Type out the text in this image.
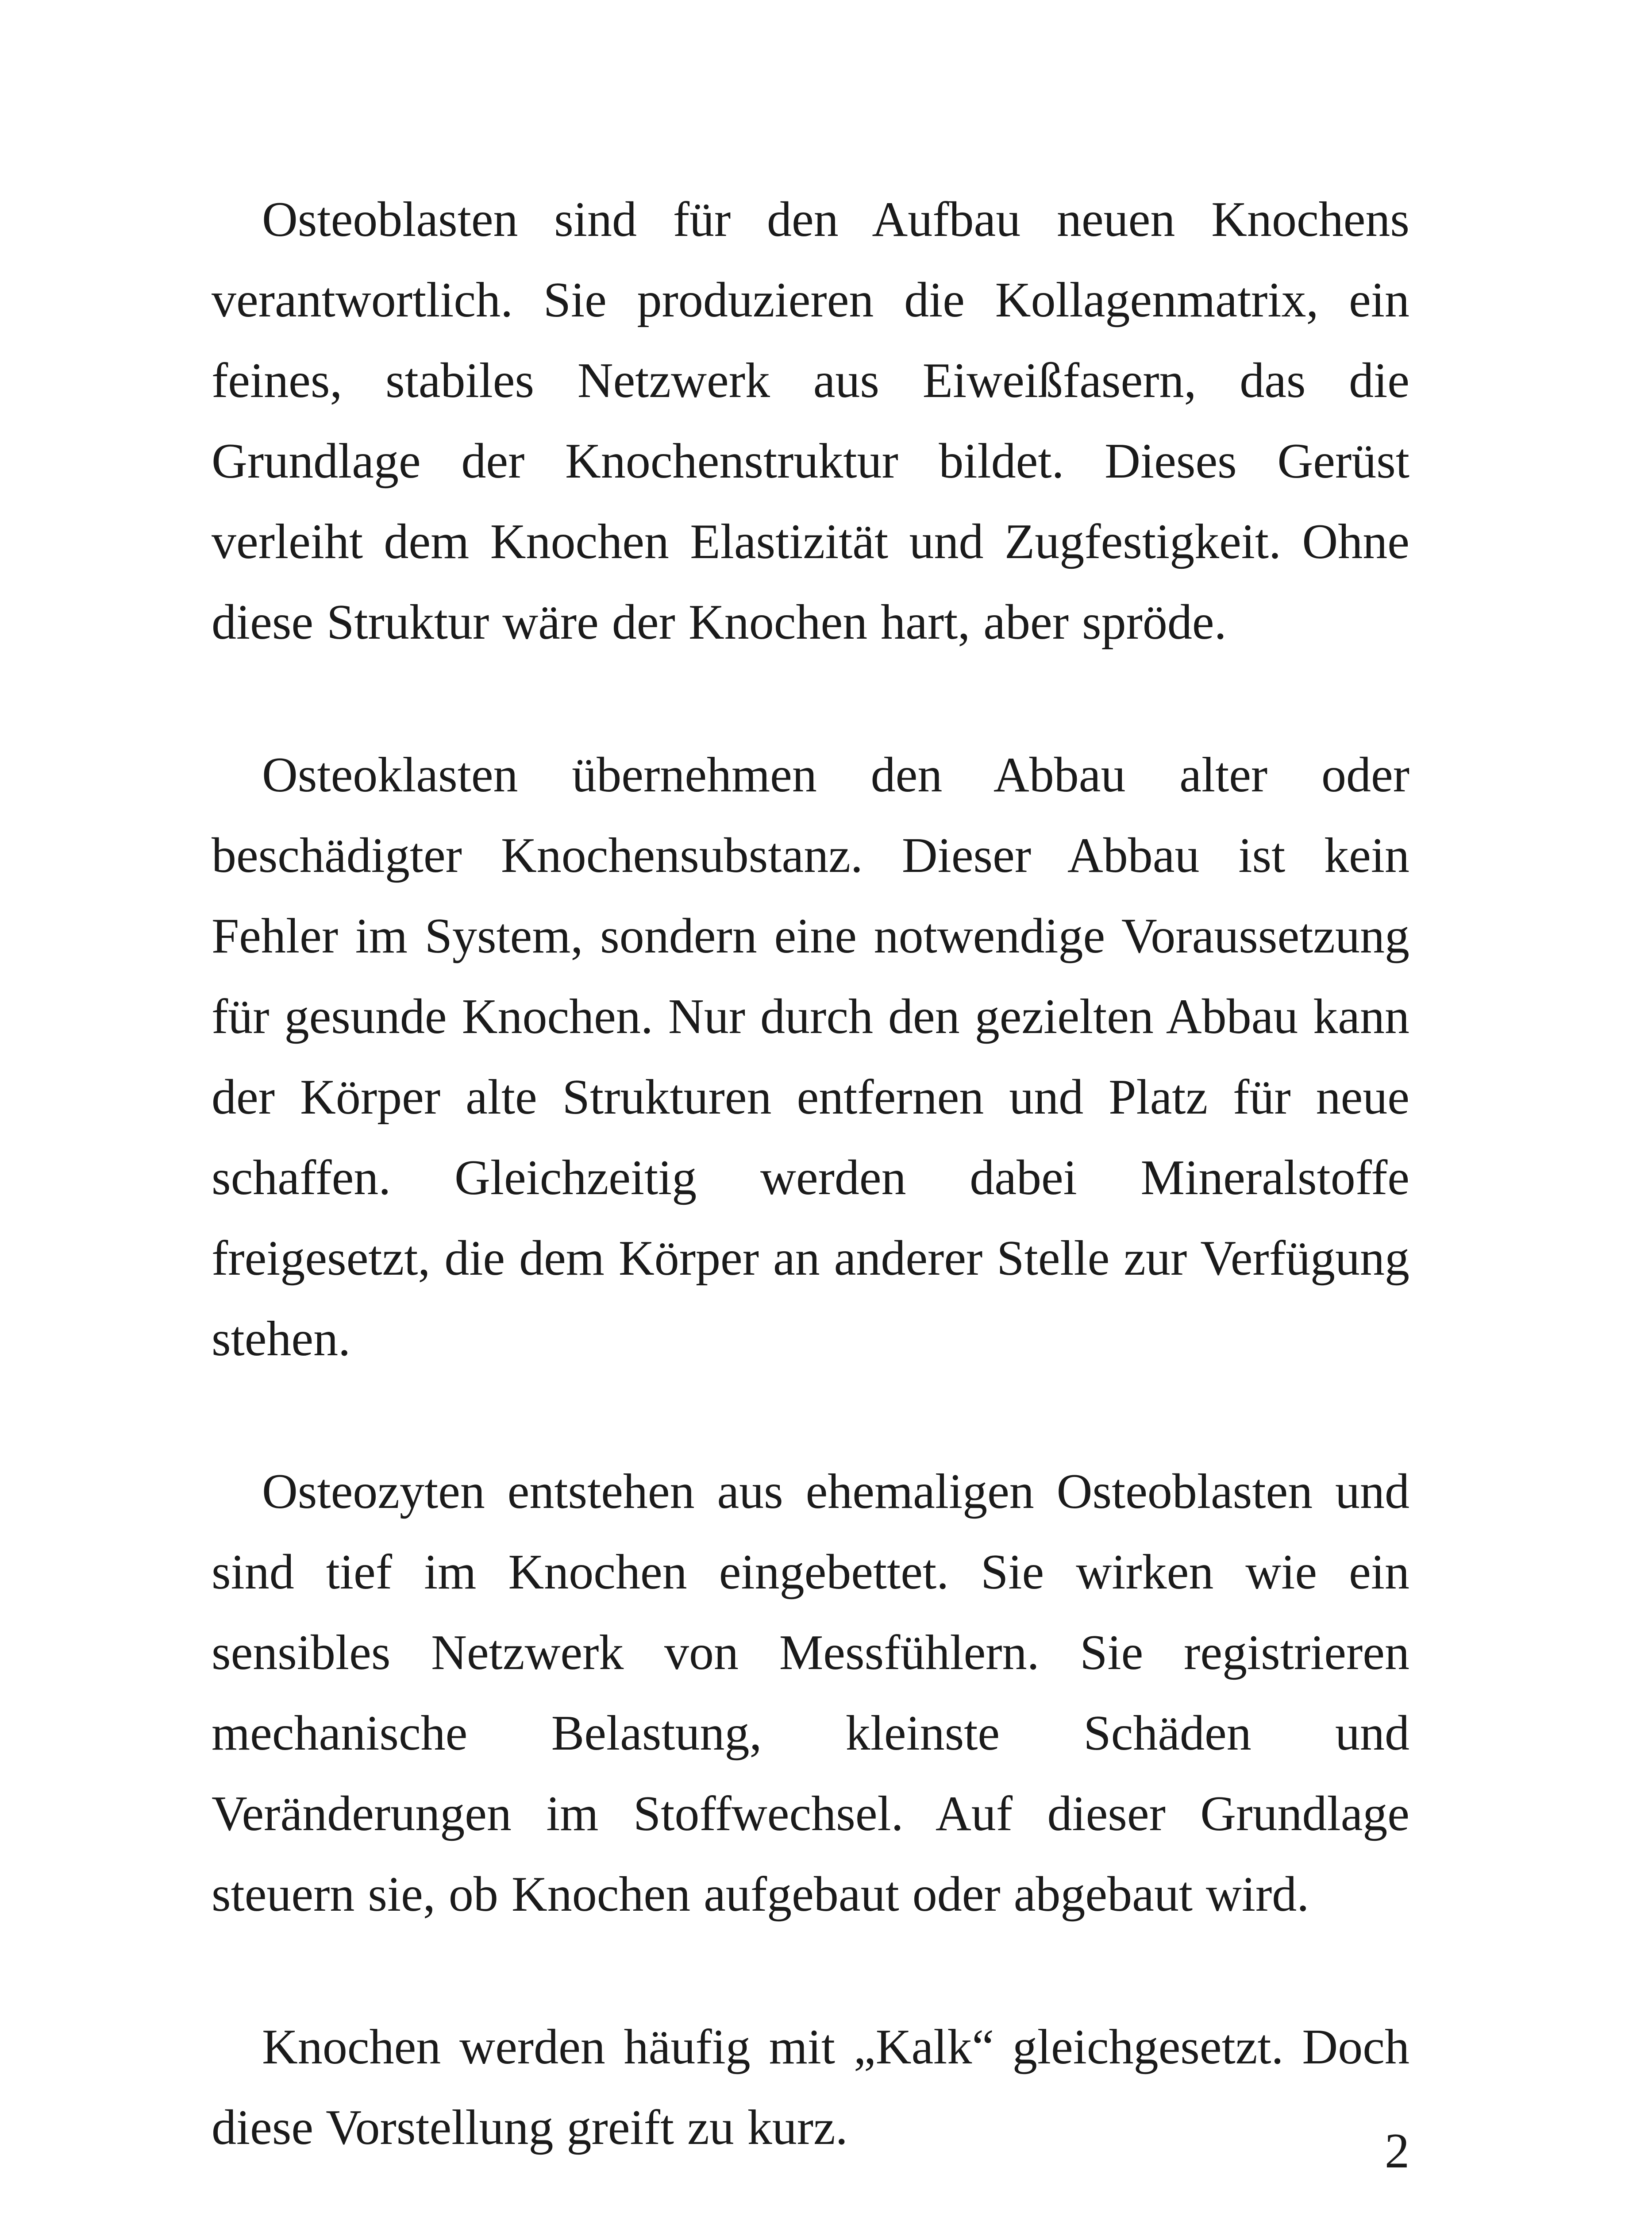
Osteoblasten sind für den Aufbau neuen Knochens verantwortlich. Sie produzieren die Kollagenmatrix, ein feines, stabiles Netzwerk aus Eiweißfasern, das die Grundlage der Knochenstruktur bildet. Dieses Gerüst verleiht dem Knochen Elastizität und Zugfestigkeit. Ohne diese Struktur wäre der Knochen hart, aber spröde.

Osteoklasten übernehmen den Abbau alter oder beschädigter Knochensubstanz. Dieser Abbau ist kein Fehler im System, sondern eine notwendige Voraussetzung für gesunde Knochen. Nur durch den gezielten Abbau kann der Körper alte Strukturen entfernen und Platz für neue schaffen. Gleichzeitig werden dabei Mineralstoffe freigesetzt, die dem Körper an anderer Stelle zur Verfügung stehen.

Osteozyten entstehen aus ehemaligen Osteoblasten und sind tief im Knochen eingebettet. Sie wirken wie ein sensibles Netzwerk von Messfühlern. Sie registrieren mechanische Belastung, kleinste Schäden und Veränderungen im Stoffwechsel. Auf dieser Grundlage steuern sie, ob Knochen aufgebaut oder abgebaut wird.

Knochen werden häufig mit „Kalk“ gleichgesetzt. Doch diese Vorstellung greift zu kurz.	2
